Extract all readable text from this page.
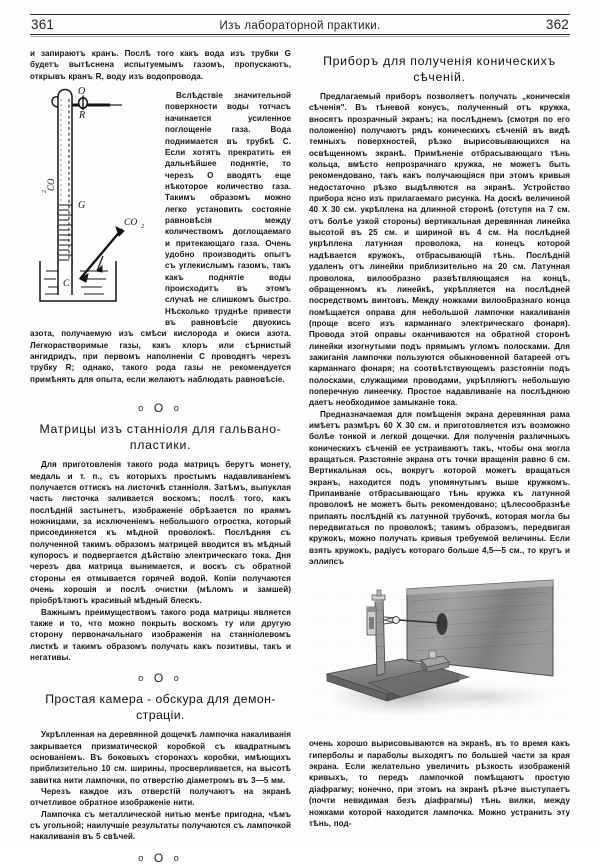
361	Изъ лабораторной практики.	362

и запираютъ кранъ. Послѣ того какъ вода изъ трубки G будетъ вытѣснена испытуемымъ газомъ, пропускаютъ, открывъ кранъ R, воду изъ водопровода.

O
R
CO
2
G
CO 2
C

Вслѣдствіе значительной поверхности воды тотчасъ начинается усиленное поглощеніе газа. Вода поднимается въ трубкѣ С. Если хотятъ прекратить ея дальнѣйшее поднятіе, то черезъ О вводятъ еще нѣкоторое количество газа. Такимъ образомъ можно легко установить состояніе равновѣсія между количествомъ доглощаемаго и притекающаго газа. Очень удобно производить опытъ съ углекислымъ газомъ, такъ какъ поднятіе воды происходитъ въ этомъ случаѣ не слишкомъ быстро. Нѣсколько труднѣе привести въ равновѣсіе двуокись азота, получаемую изъ смѣси кислорода и окиси азота. Легкорастворимые газы, какъ хлоръ или сѣрнистый ангидридъ, при первомъ наполненіи С проводятъ черезъ трубку R; однако, такого рода газы не рекомендуется примѣнять для опыта, если желаютъ наблюдать равновѣсіе.

o O o
Матрицы изъ станніоля для гальвано-
пластики.

Для приготовленія такого рода матрицъ берутъ монету, медаль и т. п., съ которыхъ простымъ надавливаніемъ получается оттискъ на листочкѣ станніоля. Затѣмъ, выпуклая часть листочка заливается воскомъ; послѣ того, какъ послѣдній застынетъ, изображеніе обрѣзается по краямъ ножницами, за исключеніемъ небольшого отростка, который присоединяется къ мѣдной проволокѣ. Послѣдняя съ полученной такимъ образомъ матрицей вводится въ мѣдный купоросъ и подвергается дѣйствію электрическаго тока. Дня черезъ два матрица вынимается, и воскъ съ обратной стороны ея отмывается горячей водой. Копіи получаются очень хорошія и послѣ очистки (мѣломъ и замшей) пріобрѣтаютъ красивый мѣдный блескъ.

Важнымъ преимуществомъ такого рода матрицы является также и то, что можно покрыть воскомъ ту или другую сторону первоначальнаго изображенія на станніолевомъ листкѣ и такимъ образомъ получать какъ позитивы, такъ и негативы.

o O o
Простая камера - обскура для демон-
страціи.

Укрѣпленная на деревянной дощечкѣ лампочка накаливанія закрывается призматической коробкой съ квадратнымъ основаніемъ. Въ боковыхъ сторонахъ коробки, имѣющихъ приблизительно 10 см. ширины, просверливается, на высотѣ завитка нити лампочки, по отверстію діаметромъ въ 3—5 мм.

Черезъ каждое изъ отверстій получаютъ на экранѣ отчетливое обратное изображеніе нити.

Лампочка съ металлической нитью менѣе пригодна, чѣмъ съ угольной; наилучшіе результаты получаются съ лампочкой накаливанія въ 5 свѣчей.

o O o
Приборъ для полученія коническихъ
сѣченій.

Предлагаемый приборъ позволяетъ получать „коническія сѣченія". Въ тѣневой конусъ, полученный отъ кружка, вносятъ прозрачный экранъ; на послѣднемъ (смотря по его положенію) получаютъ рядъ коническихъ сѣченій въ видѣ темныхъ поверхностей, рѣзко вырисовывающихся на освѣщенномъ экранѣ. Примѣненіе отбрасывающаго тѣнь кольца, вмѣсто непрозрачнаго кружка, не можетъ быть рекомендовано, такъ какъ получающіяся при этомъ кривыя недостаточно рѣзко выдѣляются на экранѣ. Устройство прибора ясно изъ прилагаемаго рисунка. На доскѣ величиной 40 X 30 см. укрѣплена на длинной сторонѣ (отступя на 7 см. отъ болѣе узкой стороны) вертикальная деревянная линейка высотой въ 25 см. и шириной въ 4 см. На послѣдней укрѣплена латунная проволока, на конецъ которой надѣвается кружокъ, отбрасывающій тѣнь. Послѣдній удаленъ отъ линейки приблизительно на 20 см. Латунная проволока, вилообразно развѣтвляющаяся на концѣ, обращенномъ къ линейкѣ, укрѣпляется на послѣдней посредствомъ винтовъ. Между ножками вилообразнаго конца помѣщается оправа для небольшой лампочки накаливанія (проще всего изъ карманнаго электрическаго фонаря). Провода этой оправы оканчиваются на обратной сторонѣ линейки изогнутыми подъ прямымъ угломъ полосками. Для зажиганія лампочки пользуются обыкновенной батареей отъ карманнаго фонаря; на соотвѣтствующемъ разстояніи подъ полосками, служащими проводами, укрѣпляютъ небольшую поперечную линеечку. Простое надавливаніе на послѣднюю даетъ необходимое замыканіе тока.

Предназначаемая для помѣщенія экрана деревянная рама имѣетъ размѣръ 60 X 30 см. и приготовляется изъ возможно болѣе тонкой и легкой дощечки. Для полученія различныхъ коническихъ сѣченій ее устраиваютъ такъ, чтобы она могла вращаться. Разстояніе экрана отъ точки вращенія равно 6 см. Вертикальная ось, вокругъ которой можетъ вращаться экранъ, находится подъ упомянутымъ выше кружкомъ. Припаиваніе отбрасывающаго тѣнь кружка къ латунной проволокѣ не можетъ быть рекомендовано; цѣлесообразнѣе припаять послѣдній къ латунной трубочкѣ, которая могла бы передвигаться по проволокѣ; такимъ образомъ, передвигая кружокъ, можно получать кривыя требуемой величины. Если взять кружокъ, радіусъ котораго больше 4,5—5 см., то кругъ и эллипсъ

очень хорошо вырисовываются на экранѣ, въ то время какъ гиперболы и параболы выходятъ по большей части за края экрана. Если желательно увеличить рѣзкость изображеній кривыхъ, то передъ лампочкой помѣщаютъ простую діафрагму; конечно, при этомъ на экранѣ рѣзче выступаетъ (почти невидимая безъ діафрагмы) тѣнь вилки, между ножками которой находится лампочка. Можно устранить эту тѣнь, под-
